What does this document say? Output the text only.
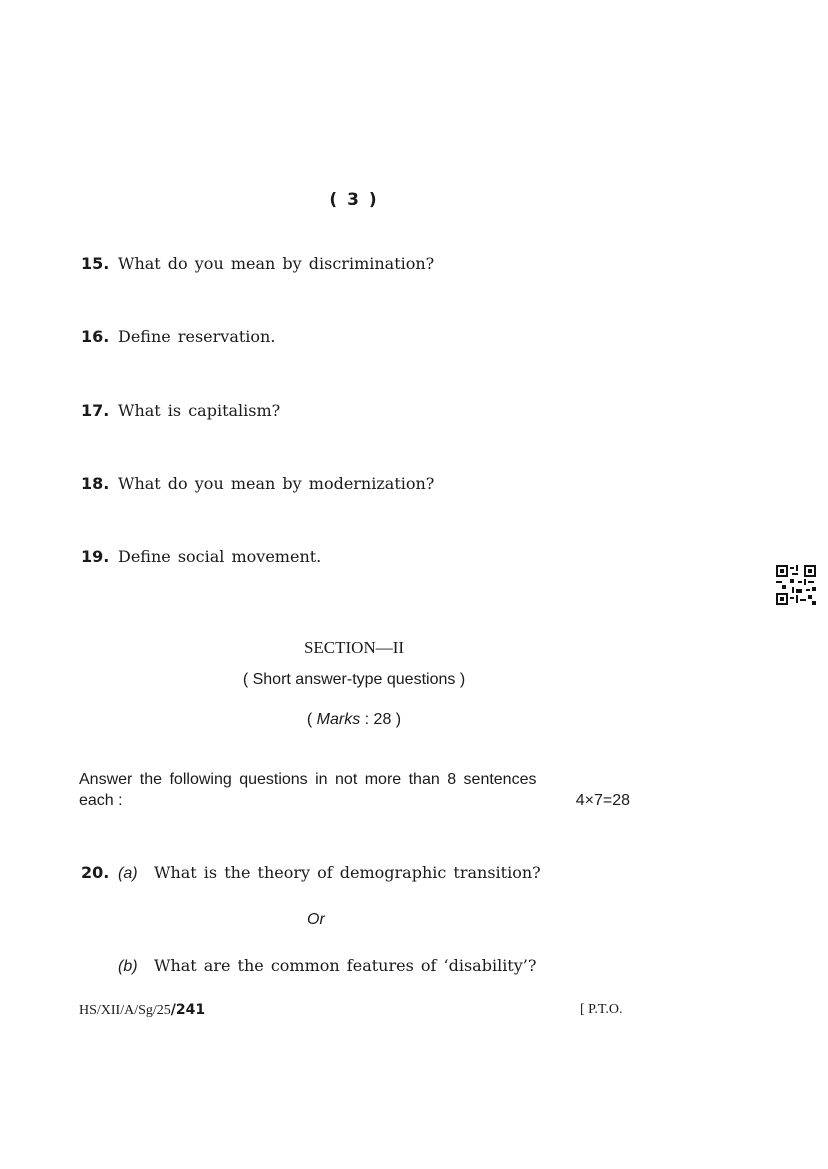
( 3 )
15. What do you mean by discrimination?
16. Define reservation.
17. What is capitalism?
18. What do you mean by modernization?
19. Define social movement.
SECTION—II
( Short answer-type questions )
( Marks : 28 )
Answer the following questions in not more than 8 sentences
each :	4×7=28
20. (a) What is the theory of demographic transition?
Or
(b) What are the common features of ‘disability’?
HS/XII/A/Sg/25/241	[ P.T.O.
